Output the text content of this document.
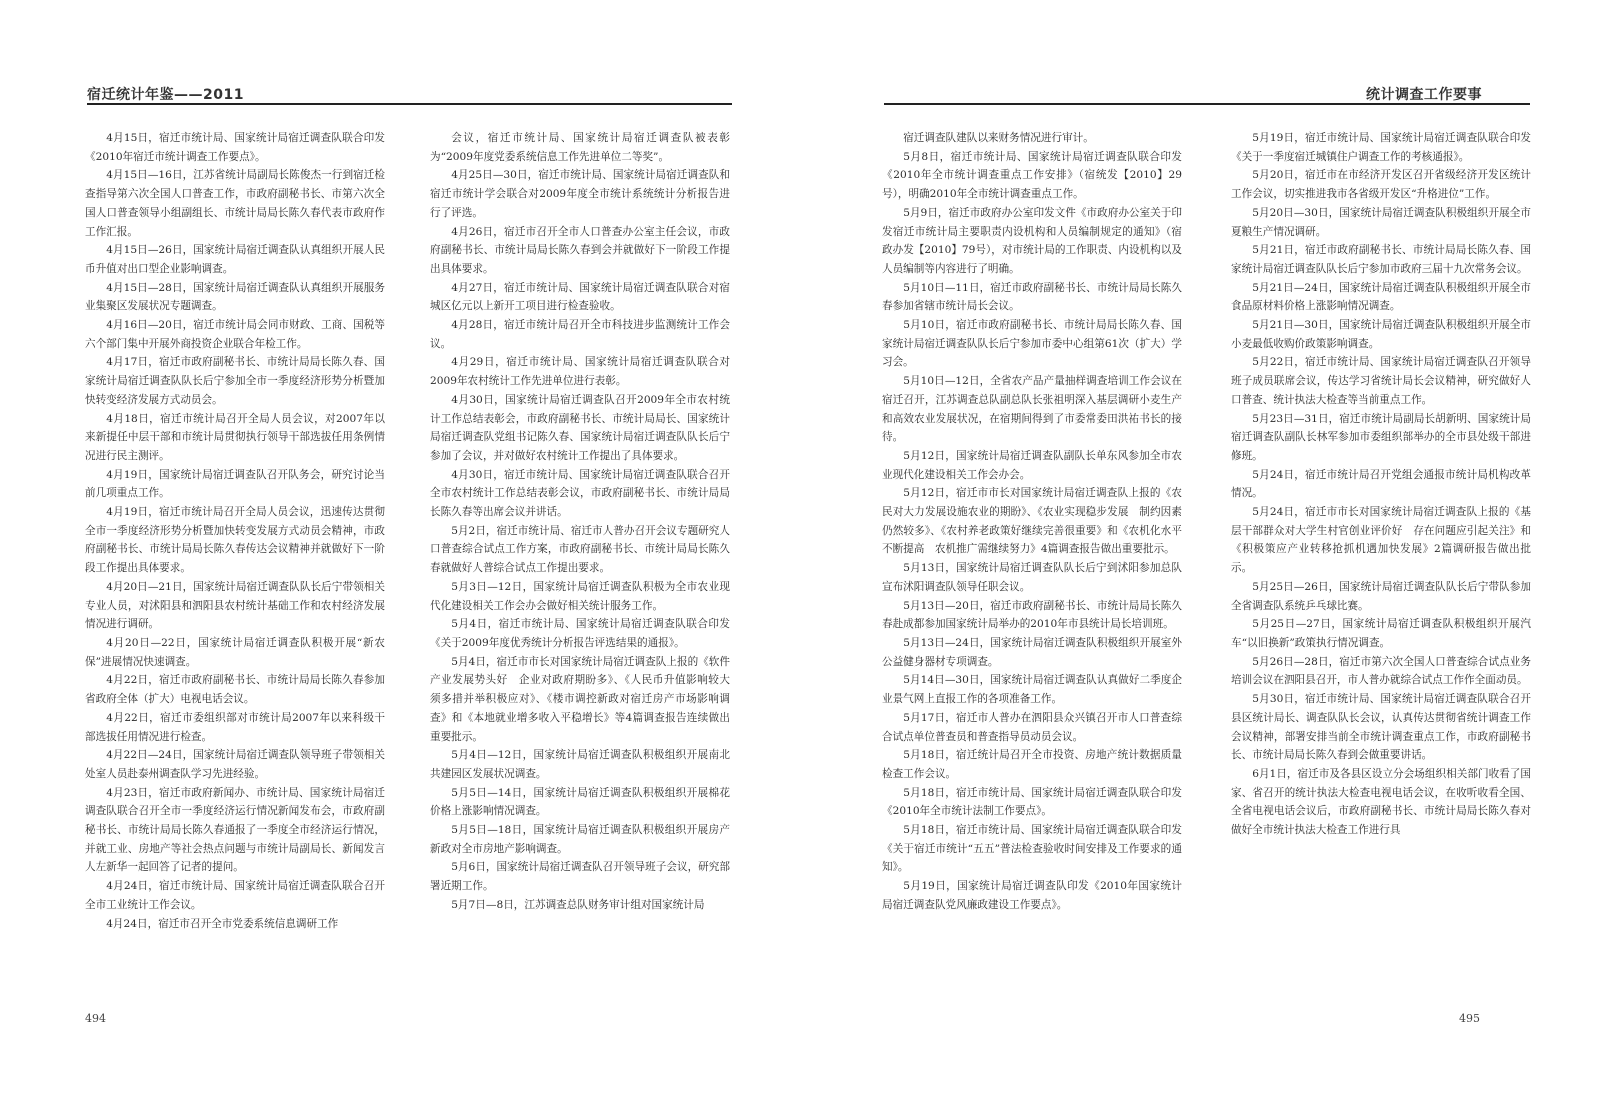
宿迁统计年鉴——2011

4月15日，宿迁市统计局、国家统计局宿迁调查队联合印发《2010年宿迁市统计调查工作要点》。

4月15日—16日，江苏省统计局副局长陈俊杰一行到宿迁检查指导第六次全国人口普查工作，市政府副秘书长、市第六次全国人口普查领导小组副组长、市统计局局长陈久春代表市政府作工作汇报。

4月15日—26日，国家统计局宿迁调查队认真组织开展人民币升值对出口型企业影响调查。

4月15日—28日，国家统计局宿迁调查队认真组织开展服务业集聚区发展状况专题调查。

4月16日—20日，宿迁市统计局会同市财政、工商、国税等六个部门集中开展外商投资企业联合年检工作。

4月17日，宿迁市政府副秘书长、市统计局局长陈久春、国家统计局宿迁调查队队长后宁参加全市一季度经济形势分析暨加快转变经济发展方式动员会。

4月18日，宿迁市统计局召开全局人员会议，对2007年以来新提任中层干部和市统计局贯彻执行领导干部选拔任用条例情况进行民主测评。

4月19日，国家统计局宿迁调查队召开队务会，研究讨论当前几项重点工作。

4月19日，宿迁市统计局召开全局人员会议，迅速传达贯彻全市一季度经济形势分析暨加快转变发展方式动员会精神，市政府副秘书长、市统计局局长陈久春传达会议精神并就做好下一阶段工作提出具体要求。

4月20日—21日，国家统计局宿迁调查队队长后宁带领相关专业人员，对沭阳县和泗阳县农村统计基础工作和农村经济发展情况进行调研。

4月20日—22日，国家统计局宿迁调查队积极开展“新农保”进展情况快速调查。

4月22日，宿迁市政府副秘书长、市统计局局长陈久春参加省政府全体（扩大）电视电话会议。

4月22日，宿迁市委组织部对市统计局2007年以来科级干部选拔任用情况进行检查。

4月22日—24日，国家统计局宿迁调查队领导班子带领相关处室人员赴泰州调查队学习先进经验。

4月23日，宿迁市政府新闻办、市统计局、国家统计局宿迁调查队联合召开全市一季度经济运行情况新闻发布会，市政府副秘书长、市统计局局长陈久春通报了一季度全市经济运行情况，并就工业、房地产等社会热点问题与市统计局副局长、新闻发言人左新华一起回答了记者的提问。

4月24日，宿迁市统计局、国家统计局宿迁调查队联合召开全市工业统计工作会议。

4月24日，宿迁市召开全市党委系统信息调研工作

会议，宿迁市统计局、国家统计局宿迁调查队被表彰为“2009年度党委系统信息工作先进单位二等奖”。

4月25日—30日，宿迁市统计局、国家统计局宿迁调查队和宿迁市统计学会联合对2009年度全市统计系统统计分析报告进行了评选。

4月26日，宿迁市召开全市人口普查办公室主任会议，市政府副秘书长、市统计局局长陈久春到会并就做好下一阶段工作提出具体要求。

4月27日，宿迁市统计局、国家统计局宿迁调查队联合对宿城区亿元以上新开工项目进行检查验收。

4月28日，宿迁市统计局召开全市科技进步监测统计工作会议。

4月29日，宿迁市统计局、国家统计局宿迁调查队联合对2009年农村统计工作先进单位进行表彰。

4月30日，国家统计局宿迁调查队召开2009年全市农村统计工作总结表彰会，市政府副秘书长、市统计局局长、国家统计局宿迁调查队党组书记陈久春、国家统计局宿迁调查队队长后宁参加了会议，并对做好农村统计工作提出了具体要求。

4月30日，宿迁市统计局、国家统计局宿迁调查队联合召开全市农村统计工作总结表彰会议，市政府副秘书长、市统计局局长陈久春等出席会议并讲话。

5月2日，宿迁市统计局、宿迁市人普办召开会议专题研究人口普查综合试点工作方案，市政府副秘书长、市统计局局长陈久春就做好人普综合试点工作提出要求。

5月3日—12日，国家统计局宿迁调查队积极为全市农业现代化建设相关工作会办会做好相关统计服务工作。

5月4日，宿迁市统计局、国家统计局宿迁调查队联合印发《关于2009年度优秀统计分析报告评选结果的通报》。

5月4日，宿迁市市长对国家统计局宿迁调查队上报的《软件产业发展势头好　企业对政府期盼多》、《人民币升值影响较大　须多措并举积极应对》、《楼市调控新政对宿迁房产市场影响调查》和《本地就业增多收入平稳增长》等4篇调查报告连续做出重要批示。

5月4日—12日，国家统计局宿迁调查队积极组织开展南北共建园区发展状况调查。

5月5日—14日，国家统计局宿迁调查队积极组织开展棉花价格上涨影响情况调查。

5月5日—18日，国家统计局宿迁调查队积极组织开展房产新政对全市房地产影响调查。

5月6日，国家统计局宿迁调查队召开领导班子会议，研究部署近期工作。

5月7日—8日，江苏调查总队财务审计组对国家统计局

494
统计调查工作要事

宿迁调查队建队以来财务情况进行审计。

5月8日，宿迁市统计局、国家统计局宿迁调查队联合印发《2010年全市统计调查重点工作安排》（宿统发【2010】29号），明确2010年全市统计调查重点工作。

5月9日，宿迁市政府办公室印发文件《市政府办公室关于印发宿迁市统计局主要职责内设机构和人员编制规定的通知》（宿政办发【2010】79号），对市统计局的工作职责、内设机构以及人员编制等内容进行了明确。

5月10日—11日，宿迁市政府副秘书长、市统计局局长陈久春参加省辖市统计局长会议。

5月10日，宿迁市政府副秘书长、市统计局局长陈久春、国家统计局宿迁调查队队长后宁参加市委中心组第61次（扩大）学习会。

5月10日—12日，全省农产品产量抽样调查培训工作会议在宿迁召开，江苏调查总队副总队长张祖明深入基层调研小麦生产和高效农业发展状况，在宿期间得到了市委常委田洪祐书长的接待。

5月12日，国家统计局宿迁调查队副队长单东风参加全市农业现代化建设相关工作会办会。

5月12日，宿迁市市长对国家统计局宿迁调查队上报的《农民对大力发展设施农业的期盼》、《农业实现稳步发展　制约因素仍然较多》、《农村养老政策好继续完善很重要》和《农机化水平不断提高　农机推广需继续努力》4篇调查报告做出重要批示。

5月13日，国家统计局宿迁调查队队长后宁到沭阳参加总队宣布沭阳调查队领导任职会议。

5月13日—20日，宿迁市政府副秘书长、市统计局局长陈久春赴成都参加国家统计局举办的2010年市县统计局长培训班。

5月13日—24日，国家统计局宿迁调查队积极组织开展室外公益健身器材专项调查。

5月14日—30日，国家统计局宿迁调查队认真做好二季度企业景气网上直报工作的各项准备工作。

5月17日，宿迁市人普办在泗阳县众兴镇召开市人口普查综合试点单位普查员和普查指导员动员会议。

5月18日，宿迁统计局召开全市投资、房地产统计数据质量检查工作会议。

5月18日，宿迁市统计局、国家统计局宿迁调查队联合印发《2010年全市统计法制工作要点》。

5月18日，宿迁市统计局、国家统计局宿迁调查队联合印发《关于宿迁市统计“五五”普法检查验收时间安排及工作要求的通知》。

5月19日，国家统计局宿迁调查队印发《2010年国家统计局宿迁调查队党风廉政建设工作要点》。

5月19日，宿迁市统计局、国家统计局宿迁调查队联合印发《关于一季度宿迁城镇住户调查工作的考核通报》。

5月20日，宿迁市在市经济开发区召开省级经济开发区统计工作会议，切实推进我市各省级开发区“升格进位”工作。

5月20日—30日，国家统计局宿迁调查队积极组织开展全市夏粮生产情况调研。

5月21日，宿迁市政府副秘书长、市统计局局长陈久春、国家统计局宿迁调查队队长后宁参加市政府三届十九次常务会议。

5月21日—24日，国家统计局宿迁调查队积极组织开展全市食品原材料价格上涨影响情况调查。

5月21日—30日，国家统计局宿迁调查队积极组织开展全市小麦最低收购价政策影响调查。

5月22日，宿迁市统计局、国家统计局宿迁调查队召开领导班子成员联席会议，传达学习省统计局长会议精神，研究做好人口普查、统计执法大检查等当前重点工作。

5月23日—31日，宿迁市统计局副局长胡新明、国家统计局宿迁调查队副队长林军参加市委组织部举办的全市县处级干部进修班。

5月24日，宿迁市统计局召开党组会通报市统计局机构改革情况。

5月24日，宿迁市市长对国家统计局宿迁调查队上报的《基层干部群众对大学生村官创业评价好　存在问题应引起关注》和《积极策应产业转移抢抓机遇加快发展》2篇调研报告做出批示。

5月25日—26日，国家统计局宿迁调查队队长后宁带队参加全省调查队系统乒乓球比赛。

5月25日—27日，国家统计局宿迁调查队积极组织开展汽车“以旧换新”政策执行情况调查。

5月26日—28日，宿迁市第六次全国人口普查综合试点业务培训会议在泗阳县召开，市人普办就综合试点工作作全面动员。

5月30日，宿迁市统计局、国家统计局宿迁调查队联合召开县区统计局长、调查队队长会议，认真传达贯彻省统计调查工作会议精神，部署安排当前全市统计调查重点工作，市政府副秘书长、市统计局局长陈久春到会做重要讲话。

6月1日，宿迁市及各县区设立分会场组织相关部门收看了国家、省召开的统计执法大检查电视电话会议，在收听收看全国、全省电视电话会议后，市政府副秘书长、市统计局局长陈久春对做好全市统计执法大检查工作进行具

495
